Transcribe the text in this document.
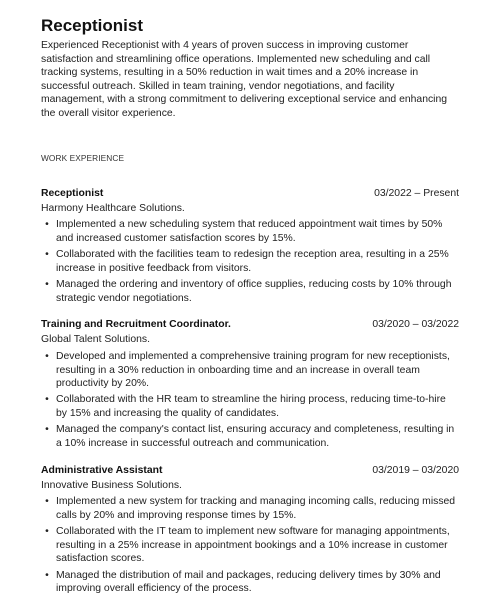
Receptionist

Experienced Receptionist with 4 years of proven success in improving customer satisfaction and streamlining office operations. Implemented new scheduling and call tracking systems, resulting in a 50% reduction in wait times and a 20% increase in successful outreach. Skilled in team training, vendor negotiations, and facility management, with a strong commitment to delivering exceptional service and enhancing the overall visitor experience.

WORK EXPERIENCE
Receptionist	03/2022 – Present
Harmony Healthcare Solutions.
• Implemented a new scheduling system that reduced appointment wait times by 50% and increased customer satisfaction scores by 15%.
• Collaborated with the facilities team to redesign the reception area, resulting in a 25% increase in positive feedback from visitors.
• Managed the ordering and inventory of office supplies, reducing costs by 10% through strategic vendor negotiations.
Training and Recruitment Coordinator.	03/2020 – 03/2022
Global Talent Solutions.
• Developed and implemented a comprehensive training program for new receptionists, resulting in a 30% reduction in onboarding time and an increase in overall team productivity by 20%.
• Collaborated with the HR team to streamline the hiring process, reducing time-to-hire by 15% and increasing the quality of candidates.
• Managed the company's contact list, ensuring accuracy and completeness, resulting in a 10% increase in successful outreach and communication.
Administrative Assistant	03/2019 – 03/2020
Innovative Business Solutions.
• Implemented a new system for tracking and managing incoming calls, reducing missed calls by 20% and improving response times by 15%.
• Collaborated with the IT team to implement new software for managing appointments, resulting in a 25% increase in appointment bookings and a 10% increase in customer satisfaction scores.
• Managed the distribution of mail and packages, reducing delivery times by 30% and improving overall efficiency of the process.
